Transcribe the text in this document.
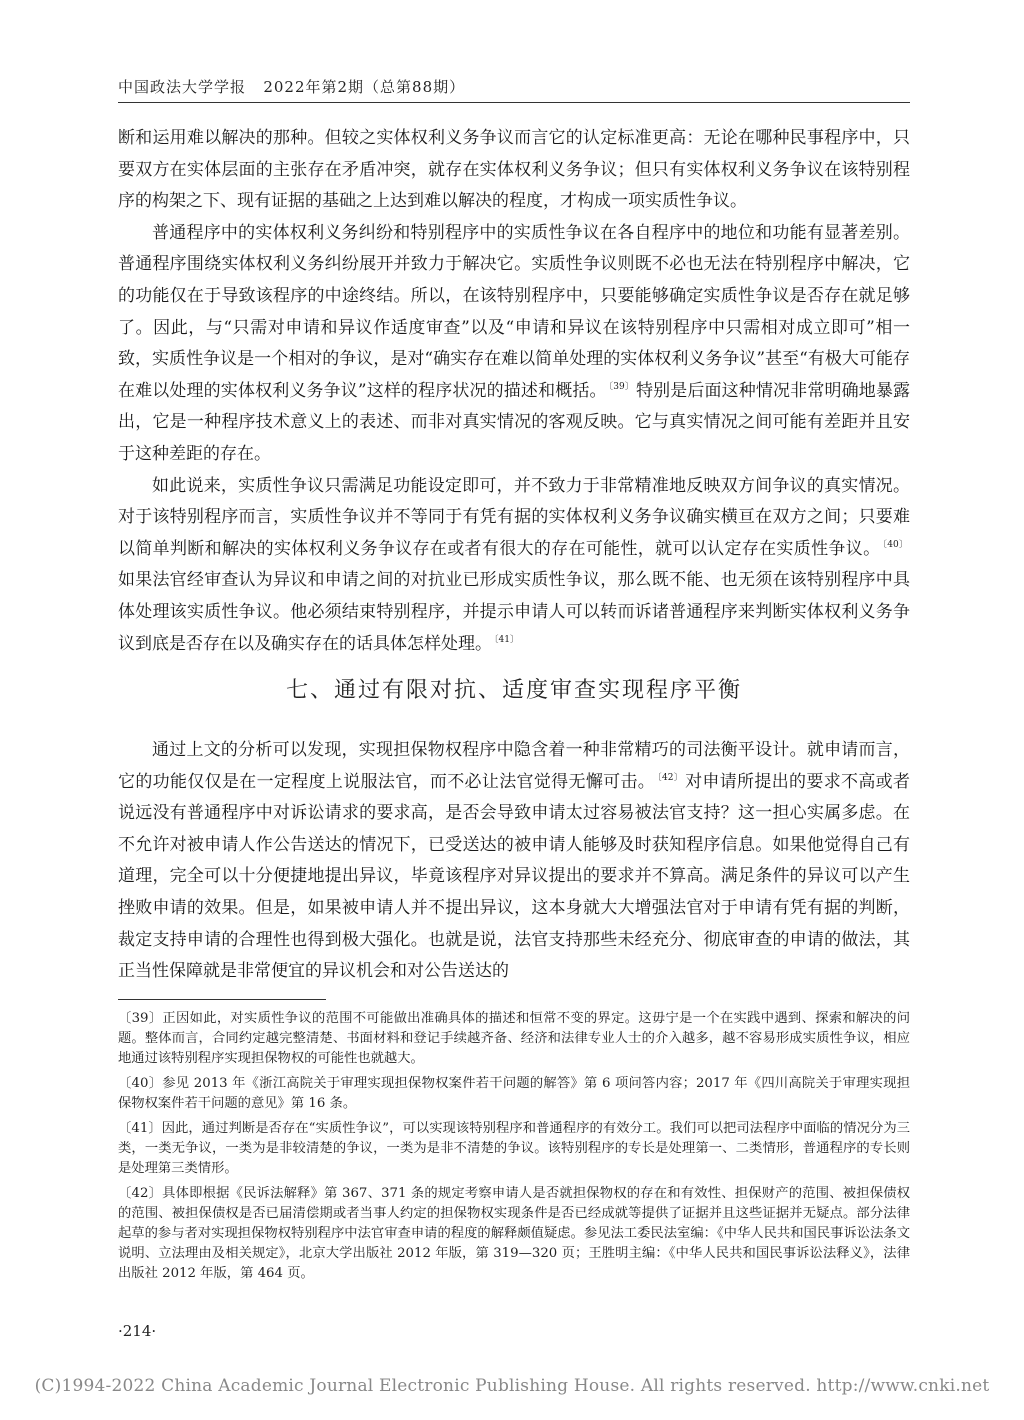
中国政法大学学报 2022年第2期（总第88期）

断和运用难以解决的那种。但较之实体权利义务争议而言它的认定标准更高：无论在哪种民事程序中，只要双方在实体层面的主张存在矛盾冲突，就存在实体权利义务争议；但只有实体权利义务争议在该特别程序的构架之下、现有证据的基础之上达到难以解决的程度，才构成一项实质性争议。

普通程序中的实体权利义务纠纷和特别程序中的实质性争议在各自程序中的地位和功能有显著差别。普通程序围绕实体权利义务纠纷展开并致力于解决它。实质性争议则既不必也无法在特别程序中解决，它的功能仅在于导致该程序的中途终结。所以，在该特别程序中，只要能够确定实质性争议是否存在就足够了。因此，与“只需对申请和异议作适度审查”以及“申请和异议在该特别程序中只需相对成立即可”相一致，实质性争议是一个相对的争议，是对“确实存在难以简单处理的实体权利义务争议”甚至“有极大可能存在难以处理的实体权利义务争议”这样的程序状况的描述和概括。 $^{〔39〕}$ 特别是后面这种情况非常明确地暴露出，它是一种程序技术意义上的表述、而非对真实情况的客观反映。它与真实情况之间可能有差距并且安于这种差距的存在。

如此说来，实质性争议只需满足功能设定即可，并不致力于非常精准地反映双方间争议的真实情况。对于该特别程序而言，实质性争议并不等同于有凭有据的实体权利义务争议确实横亘在双方之间；只要难以简单判断和解决的实体权利义务争议存在或者有很大的存在可能性，就可以认定存在实质性争议。 $^{〔40〕}$如果法官经审查认为异议和申请之间的对抗业已形成实质性争议，那么既不能、也无须在该特别程序中具体处理该实质性争议。他必须结束特别程序，并提示申请人可以转而诉诸普通程序来判断实体权利义务争议到底是否存在以及确实存在的话具体怎样处理。 $^{〔41〕}$

七、通过有限对抗、适度审查实现程序平衡

通过上文的分析可以发现，实现担保物权程序中隐含着一种非常精巧的司法衡平设计。就申请而言，它的功能仅仅是在一定程度上说服法官，而不必让法官觉得无懈可击。 $^{〔42〕}$ 对申请所提出的要求不高或者说远没有普通程序中对诉讼请求的要求高，是否会导致申请太过容易被法官支持？这一担心实属多虑。在不允许对被申请人作公告送达的情况下，已受送达的被申请人能够及时获知程序信息。如果他觉得自己有道理，完全可以十分便捷地提出异议，毕竟该程序对异议提出的要求并不算高。满足条件的异议可以产生挫败申请的效果。但是，如果被申请人并不提出异议，这本身就大大增强法官对于申请有凭有据的判断，裁定支持申请的合理性也得到极大强化。也就是说，法官支持那些未经充分、彻底审查的申请的做法，其正当性保障就是非常便宜的异议机会和对公告送达的

〔39〕正因如此，对实质性争议的范围不可能做出准确具体的描述和恒常不变的界定。这毋宁是一个在实践中遇到、探索和解决的问题。整体而言，合同约定越完整清楚、书面材料和登记手续越齐备、经济和法律专业人士的介入越多，越不容易形成实质性争议，相应地通过该特别程序实现担保物权的可能性也就越大。

〔40〕参见 2013 年《浙江高院关于审理实现担保物权案件若干问题的解答》第 6 项问答内容；2017 年《四川高院关于审理实现担保物权案件若干问题的意见》第 16 条。

〔41〕因此，通过判断是否存在“实质性争议”，可以实现该特别程序和普通程序的有效分工。我们可以把司法程序中面临的情况分为三类，一类无争议，一类为是非较清楚的争议，一类为是非不清楚的争议。该特别程序的专长是处理第一、二类情形，普通程序的专长则是处理第三类情形。

〔42〕具体即根据《民诉法解释》第 367、371 条的规定考察申请人是否就担保物权的存在和有效性、担保财产的范围、被担保债权的范围、被担保债权是否已届清偿期或者当事人约定的担保物权实现条件是否已经成就等提供了证据并且这些证据并无疑点。部分法律起草的参与者对实现担保物权特别程序中法官审查申请的程度的解释颇值疑虑。参见法工委民法室编：《中华人民共和国民事诉讼法条文说明、立法理由及相关规定》，北京大学出版社 2012 年版，第 319—320 页；王胜明主编：《中华人民共和国民事诉讼法释义》，法律出版社 2012 年版，第 464 页。

·214·
(C)1994-2022 China Academic Journal Electronic Publishing House. All rights reserved. http://www.cnki.net
